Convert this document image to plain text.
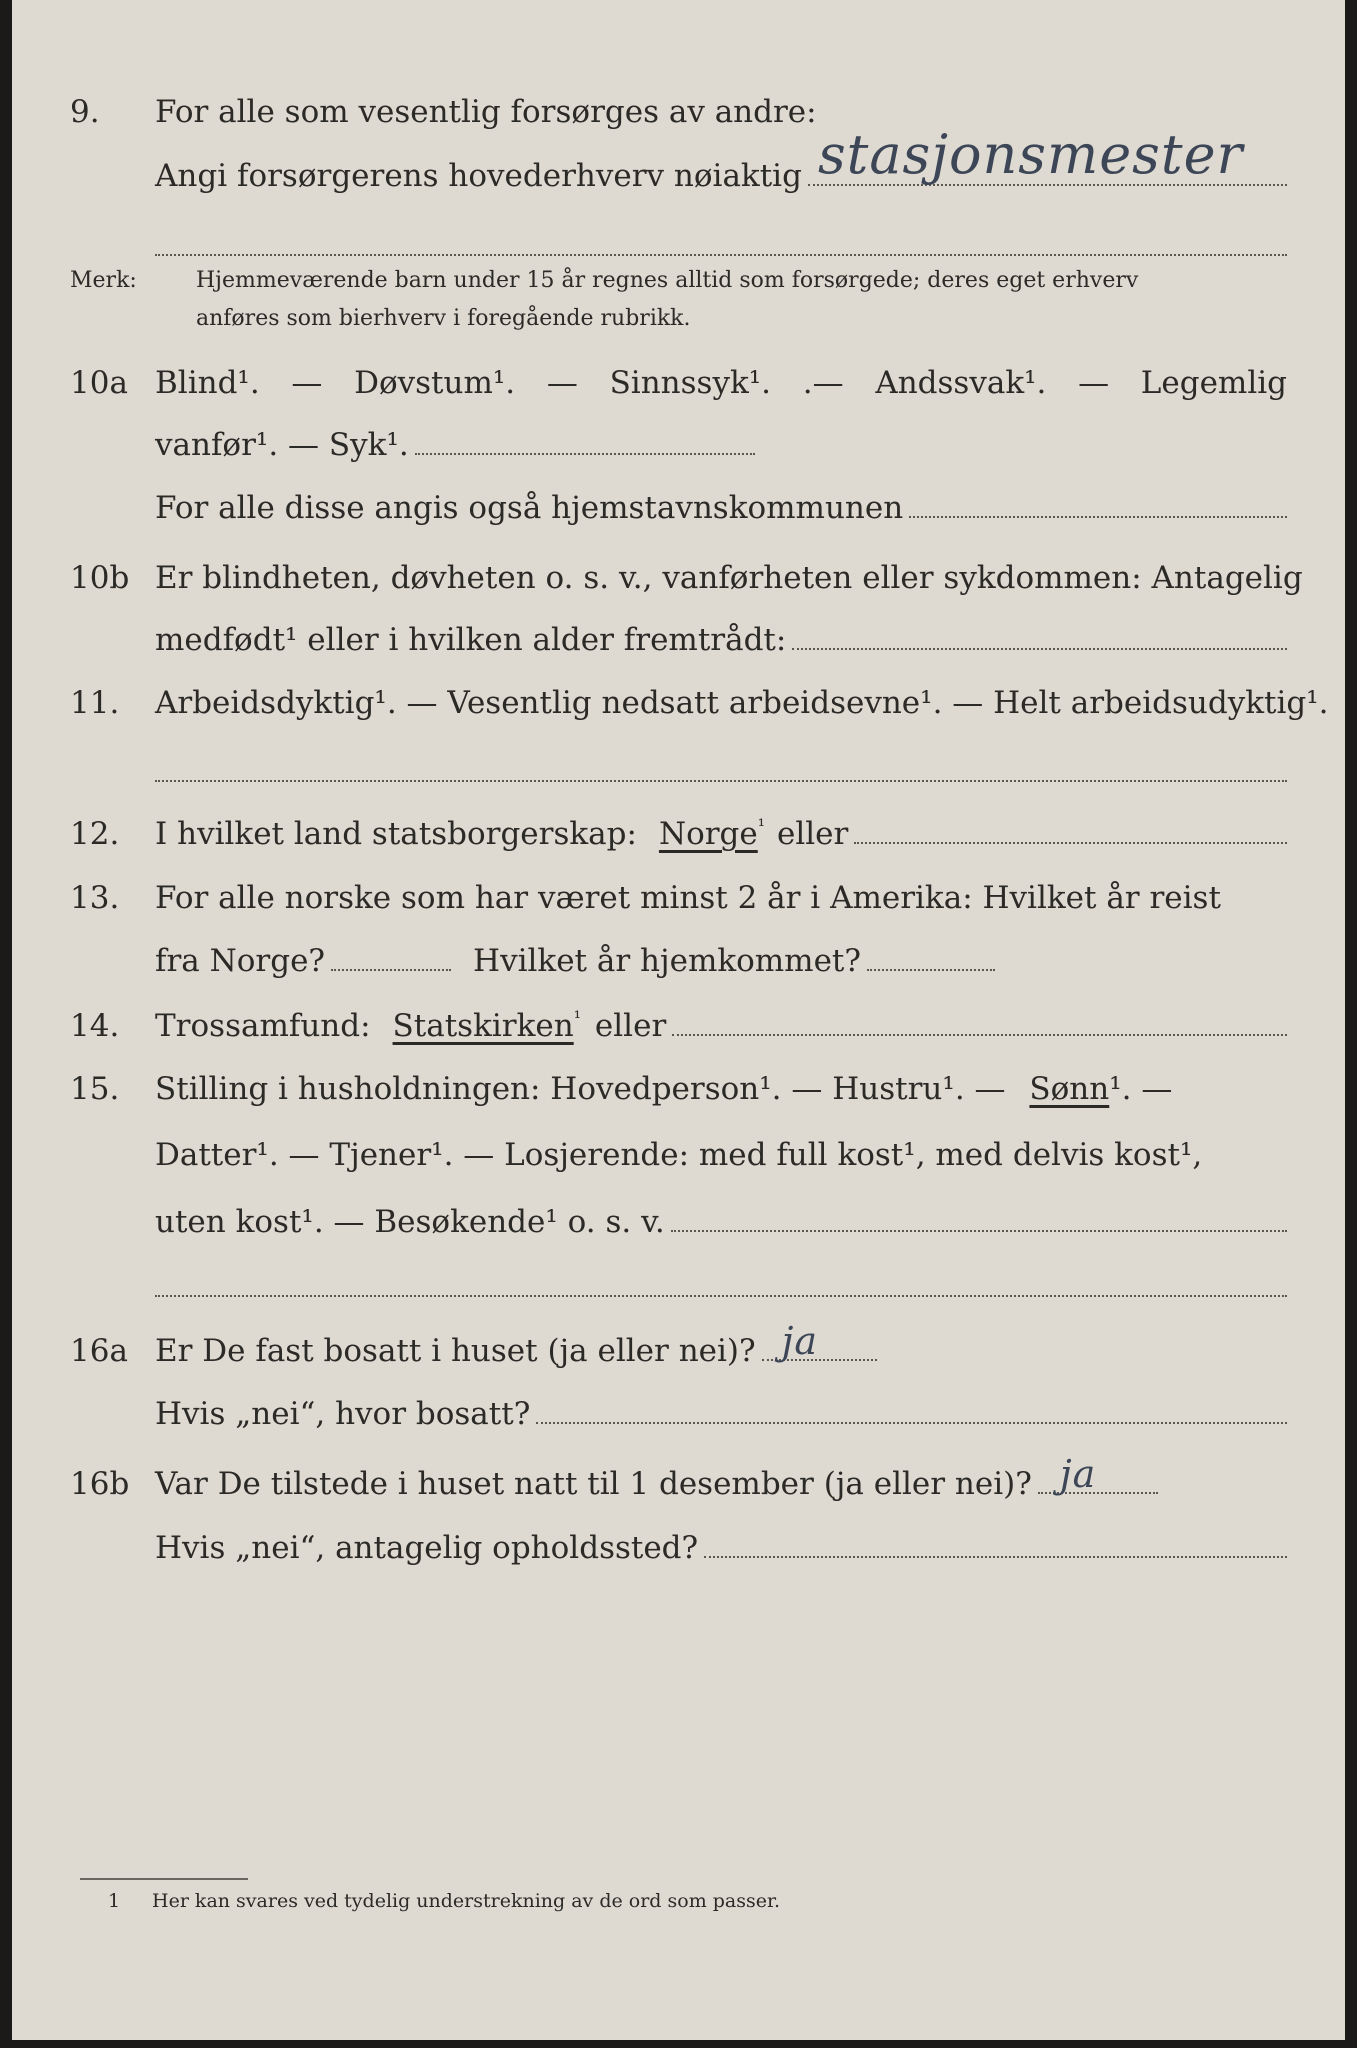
9. For alle som vesentlig forsørges av andre:
Angi forsørgerens hovederhverv nøiaktig stasjonsmester
Merk:	Hjemmeværende barn under 15 år regnes alltid som forsørgede; deres eget erhverv
anføres som bierhverv i foregående rubrikk.
10a Blind¹. — Døvstum¹. — Sinnssyk¹. .— Andssvak¹. — Legemlig
vanfør¹. — Syk¹.
For alle disse angis også hjemstavnskommunen
10b Er blindheten, døvheten o. s. v., vanførheten eller sykdommen: Antagelig
medfødt¹ eller i hvilken alder fremtrådt:
11. Arbeidsdyktig¹. — Vesentlig nedsatt arbeidsevne¹. — Helt arbeidsudyktig¹.
12. I hvilket land statsborgerskap: Norge$^{^1}$ eller
13. For alle norske som har været minst 2 år i Amerika: Hvilket år reist
fra Norge?	Hvilket år hjemkommet?
14. Trossamfund: Statskirken$^{^1}$ eller
15. Stilling i husholdningen: Hovedperson¹. — Hustru¹. — Sønn¹. —
Datter¹. — Tjener¹. — Losjerende: med full kost¹, med delvis kost¹,
uten kost¹. — Besøkende¹ o. s. v.
16a Er De fast bosatt i huset (ja eller nei)? ja
Hvis „nei“, hvor bosatt?
16b Var De tilstede i huset natt til 1 desember (ja eller nei)? ja
Hvis „nei“, antagelig opholdssted?
1 Her kan svares ved tydelig understrekning av de ord som passer.
